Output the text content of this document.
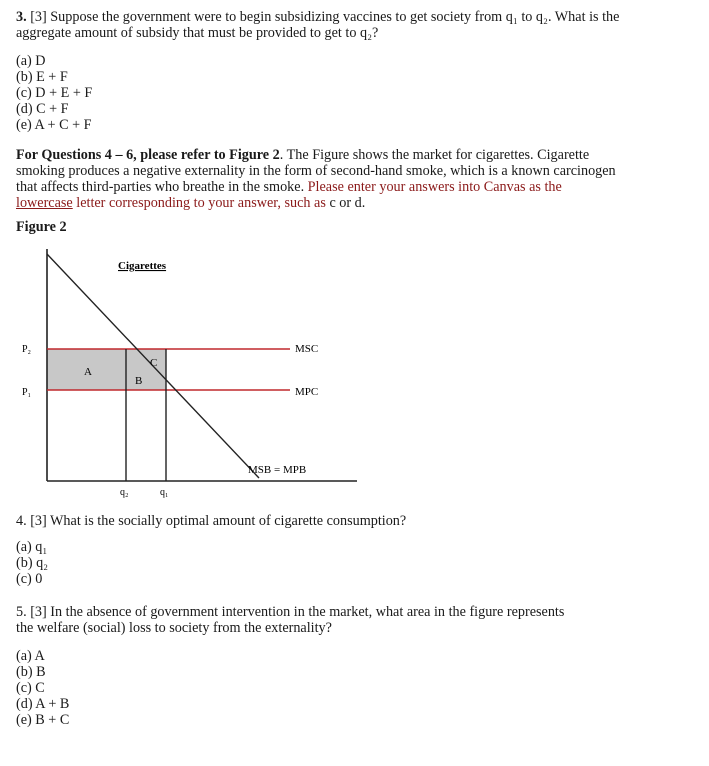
3. [3] Suppose the government were to begin subsidizing vaccines to get society from q₁ to q₂. What is the
aggregate amount of subsidy that must be provided to get to q₂?
(a) D
(b) E + F
(c) D + E + F
(d) C + F
(e) A + C + F
For Questions 4 – 6, please refer to Figure 2. The Figure shows the market for cigarettes. Cigarette
smoking produces a negative externality in the form of second-hand smoke, which is a known carcinogen
that affects third-parties who breathe in the smoke. Please enter your answers into Canvas as the
lowercase letter corresponding to your answer, such as c or d.
Figure 2
Cigarettes
P₂
P₁
MSC
MPC
MSB = MPB
q₂	q₁
A
B
C
4. [3] What is the socially optimal amount of cigarette consumption?
(a) q₁
(b) q₂
(c) 0
5. [3] In the absence of government intervention in the market, what area in the figure represents
the welfare (social) loss to society from the externality?
(a) A
(b) B
(c) C
(d) A + B
(e) B + C
